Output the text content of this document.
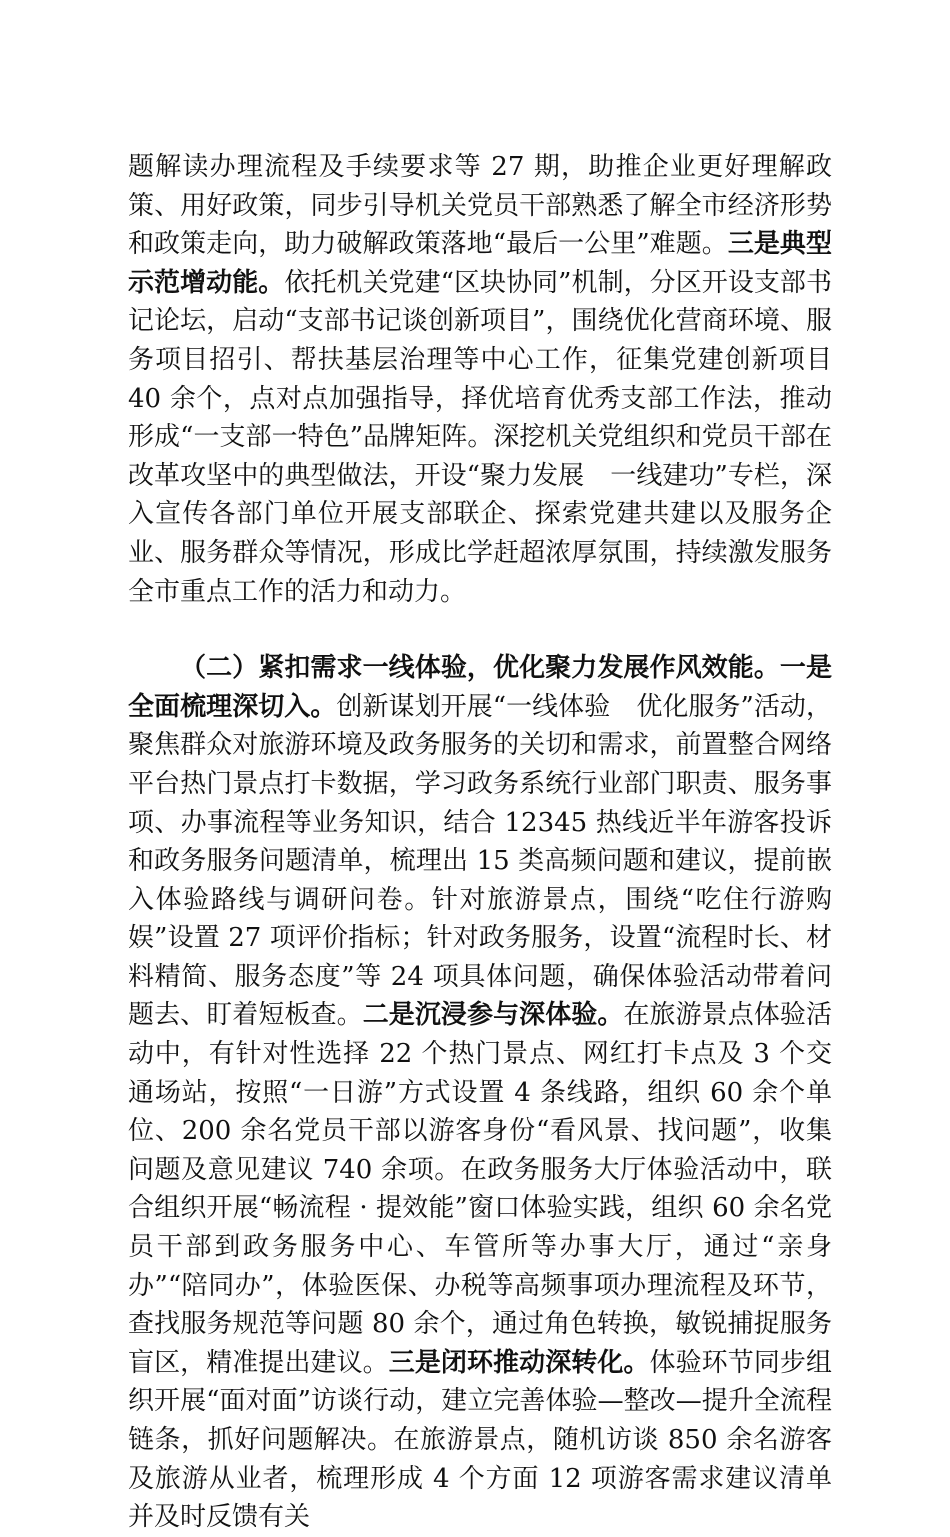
题解读办理流程及手续要求等 27 期，助推企业更好理解政策、用好政策，同步引导机关党员干部熟悉了解全市经济形势和政策走向，助力破解政策落地“最后一公里”难题。三是典型示范增动能。依托机关党建“区块协同”机制，分区开设支部书记论坛，启动“支部书记谈创新项目”，围绕优化营商环境、服务项目招引、帮扶基层治理等中心工作，征集党建创新项目 40 余个，点对点加强指导，择优培育优秀支部工作法，推动形成“一支部一特色”品牌矩阵。深挖机关党组织和党员干部在改革攻坚中的典型做法，开设“聚力发展　一线建功”专栏，深入宣传各部门单位开展支部联企、探索党建共建以及服务企业、服务群众等情况，形成比学赶超浓厚氛围，持续激发服务全市重点工作的活力和动力。

（二）紧扣需求一线体验，优化聚力发展作风效能。一是全面梳理深切入。创新谋划开展“一线体验　优化服务”活动，聚焦群众对旅游环境及政务服务的关切和需求，前置整合网络平台热门景点打卡数据，学习政务系统行业部门职责、服务事项、办事流程等业务知识，结合 12345 热线近半年游客投诉和政务服务问题清单，梳理出 15 类高频问题和建议，提前嵌入体验路线与调研问卷。针对旅游景点，围绕“吃住行游购娱”设置 27 项评价指标；针对政务服务，设置“流程时长、材料精简、服务态度”等 24 项具体问题，确保体验活动带着问题去、盯着短板查。二是沉浸参与深体验。在旅游景点体验活动中，有针对性选择 22 个热门景点、网红打卡点及 3 个交通场站，按照“一日游”方式设置 4 条线路，组织 60 余个单位、200 余名党员干部以游客身份“看风景、找问题”，收集问题及意见建议 740 余项。在政务服务大厅体验活动中，联合组织开展“畅流程 · 提效能”窗口体验实践，组织 60 余名党员干部到政务服务中心、车管所等办事大厅，通过“亲身办”“陪同办”，体验医保、办税等高频事项办理流程及环节，查找服务规范等问题 80 余个，通过角色转换，敏锐捕捉服务盲区，精准提出建议。三是闭环推动深转化。体验环节同步组织开展“面对面”访谈行动，建立完善体验—整改—提升全流程链条，抓好问题解决。在旅游景点，随机访谈 850 余名游客及旅游从业者，梳理形成 4 个方面 12 项游客需求建议清单并及时反馈有关
